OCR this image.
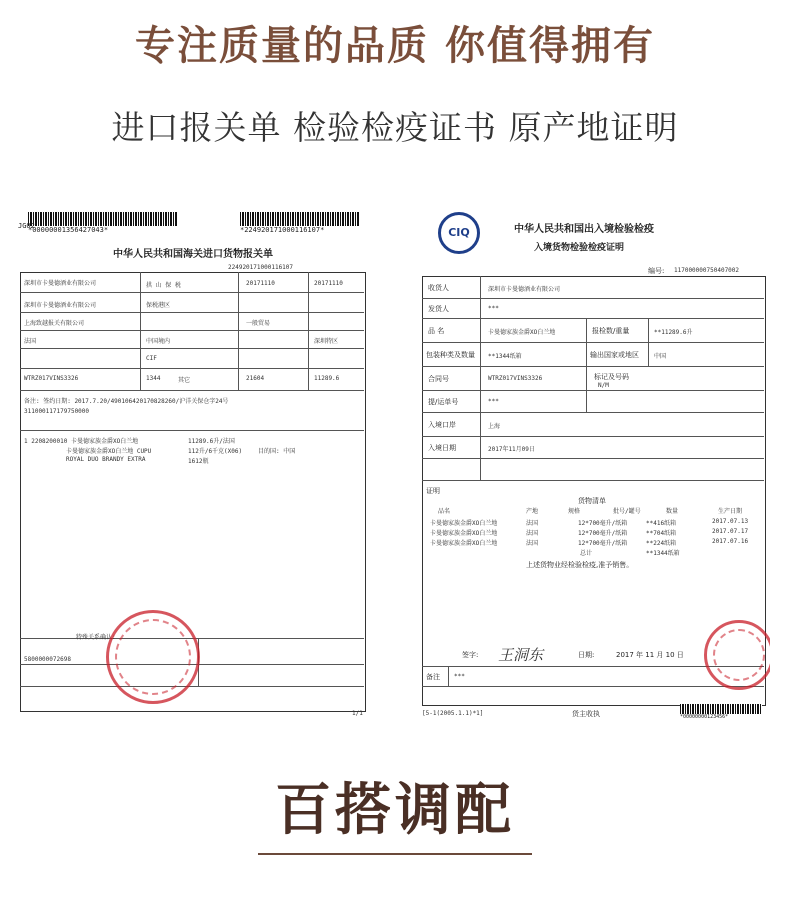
专注质量的品质 你值得拥有
进口报关单 检验检疫证书 原产地证明
*00000001356427043*	*224920171000116107*
JG02
中华人民共和国海关进口货物报关单
224920171000116107
深圳市卡曼德酒业有限公司	拱 山 保 税	20171110	20171110
深圳市卡曼德酒业有限公司	保税港区
上海致越报关有限公司	一般贸易
法国	中国境内	深圳特区
CIF
WTRZ017VINS3326	1344	其它	21604	11289.6
备注: 签约日期: 2017.7.20/490106420170828260/沪洋关保仓字24号
311000117179750000
1 2208200010 卡曼德家族金爵XO白兰地
卡曼德家族金爵XO白兰地 CUPU
ROYAL DUO BRANDY EXTRA
11289.6升/法国
112升/6千克(X06)	目的国: 中国
1612瓶
特殊关系确认:
5800000072698
1/1
CIQ	中华人民共和国出入境检验检疫
入境货物检验检疫证明
编号: 117000000750407002
收货人	深圳市卡曼德酒业有限公司
发货人	***
品 名	卡曼德家族金爵XO白兰地	报检数/重量	**11289.6升
包装种类及数量 **1344纸箱	输出国家或地区	中国
合同号	WTRZ017VINS3326	标记及号码
N/M
提/运单号	***
入境口岸	上海
入境日期	2017年11月09日
证明
货物清单
品名	产地	规格	批号/罐号	数量	生产日期
卡曼德家族金爵XO白兰地	法国	12*700毫升/纸箱	**416纸箱	2017.07.13
卡曼德家族金爵XO白兰地	法国	12*700毫升/纸箱	**704纸箱	2017.07.17
卡曼德家族金爵XO白兰地	法国	12*700毫升/纸箱	**224纸箱	2017.07.16
总计	**1344纸箱
上述货物业经检验检疫,准予销售。
签字: 王洞东	日期:	2017 年 11 月 10 日
备注 ***
[5-1(2005.1.1)*1]	货主收执	*00000000123456*
百搭调配
